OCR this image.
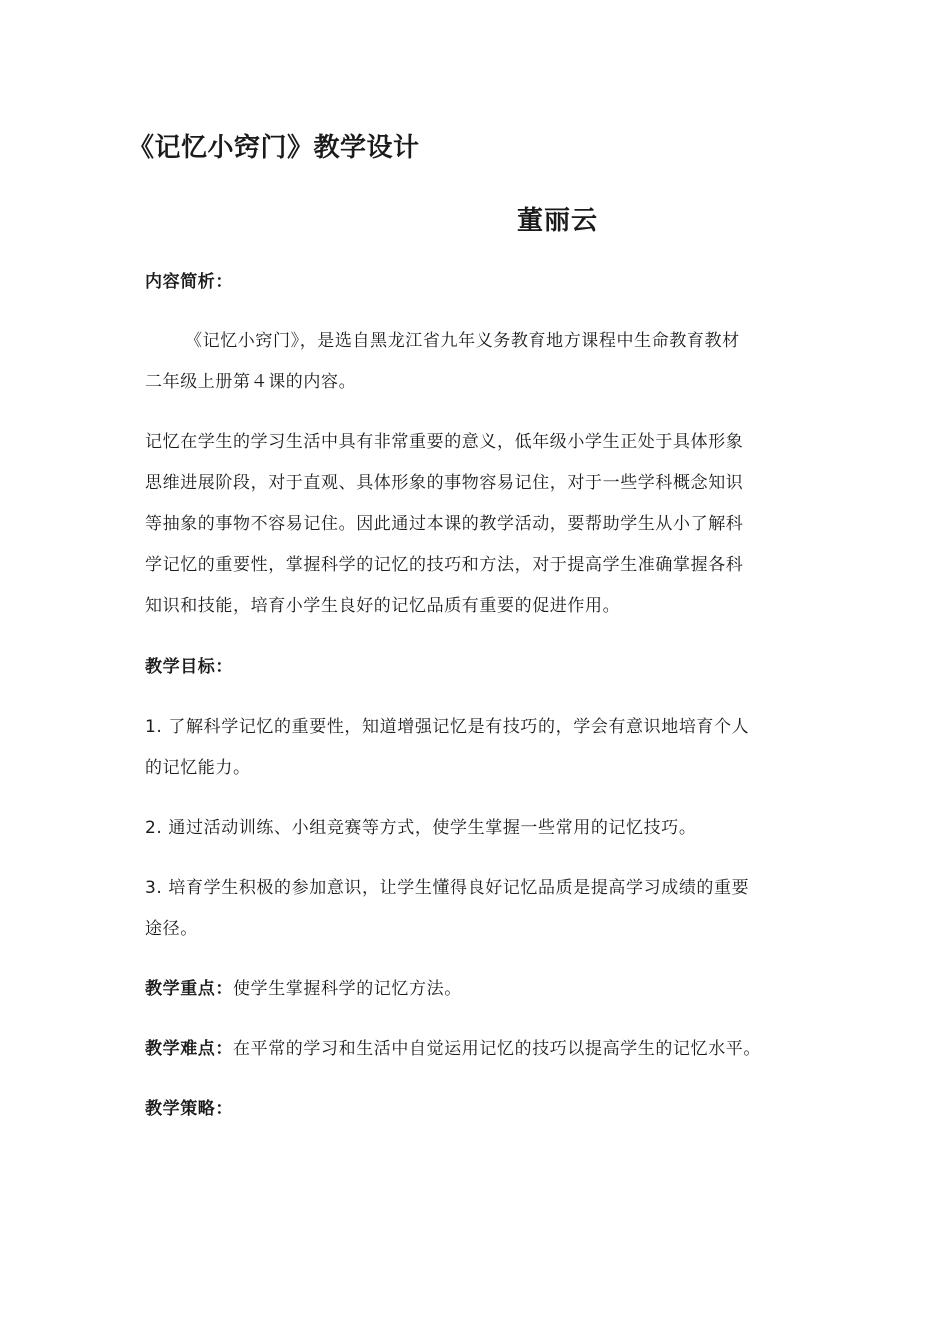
《记忆小窍门》教学设计
董丽云
内容简析：
《记忆小窍门》，是选自黑龙江省九年义务教育地方课程中生命教育教材
二年级上册第４课的内容。
记忆在学生的学习生活中具有非常重要的意义，低年级小学生正处于具体形象
思维进展阶段，对于直观、具体形象的事物容易记住，对于一些学科概念知识
等抽象的事物不容易记住。因此通过本课的教学活动，要帮助学生从小了解科
学记忆的重要性，掌握科学的记忆的技巧和方法，对于提高学生准确掌握各科
知识和技能，培育小学生良好的记忆品质有重要的促进作用。
教学目标：
1. 了解科学记忆的重要性，知道增强记忆是有技巧的，学会有意识地培育个人
的记忆能力。
2. 通过活动训练、小组竞赛等方式，使学生掌握一些常用的记忆技巧。
3. 培育学生积极的参加意识，让学生懂得良好记忆品质是提高学习成绩的重要
途径。
教学重点：使学生掌握科学的记忆方法。
教学难点：在平常的学习和生活中自觉运用记忆的技巧以提高学生的记忆水平。
教学策略：
